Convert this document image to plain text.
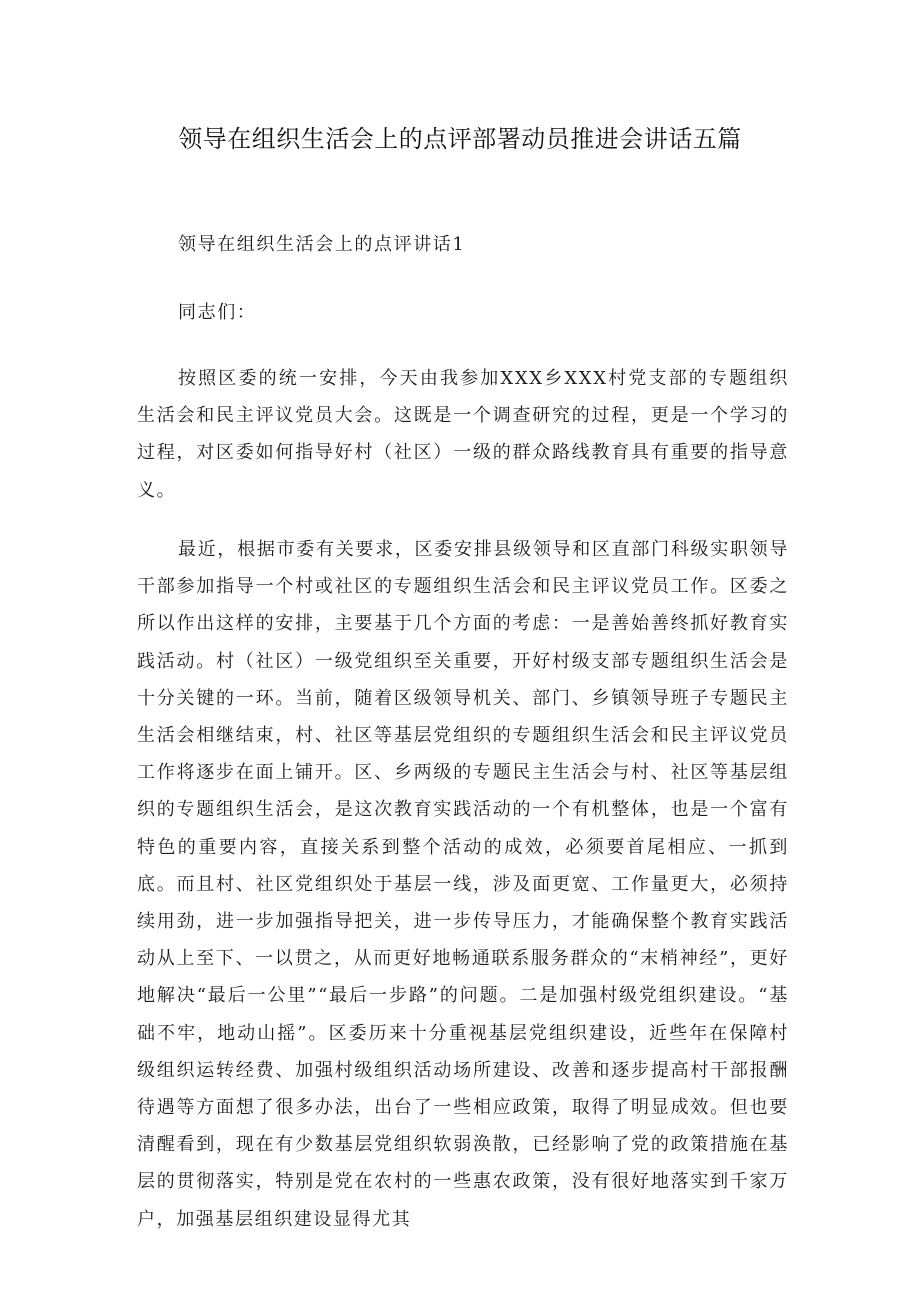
领导在组织生活会上的点评部署动员推进会讲话五篇

领导在组织生活会上的点评讲话1

同志们：

按照区委的统一安排，今天由我参加XXX乡XXX村党支部的专题组织生活会和民主评议党员大会。这既是一个调查研究的过程，更是一个学习的过程，对区委如何指导好村（社区）一级的群众路线教育具有重要的指导意义。

最近，根据市委有关要求，区委安排县级领导和区直部门科级实职领导干部参加指导一个村或社区的专题组织生活会和民主评议党员工作。区委之所以作出这样的安排，主要基于几个方面的考虑：一是善始善终抓好教育实践活动。村（社区）一级党组织至关重要，开好村级支部专题组织生活会是十分关键的一环。当前，随着区级领导机关、部门、乡镇领导班子专题民主生活会相继结束，村、社区等基层党组织的专题组织生活会和民主评议党员工作将逐步在面上铺开。区、乡两级的专题民主生活会与村、社区等基层组织的专题组织生活会，是这次教育实践活动的一个有机整体，也是一个富有特色的重要内容，直接关系到整个活动的成效，必须要首尾相应、一抓到底。而且村、社区党组织处于基层一线，涉及面更宽、工作量更大，必须持续用劲，进一步加强指导把关，进一步传导压力，才能确保整个教育实践活动从上至下、一以贯之，从而更好地畅通联系服务群众的“末梢神经”，更好地解决“最后一公里”“最后一步路”的问题。二是加强村级党组织建设。“基础不牢，地动山摇”。区委历来十分重视基层党组织建设，近些年在保障村级组织运转经费、加强村级组织活动场所建设、改善和逐步提高村干部报酬待遇等方面想了很多办法，出台了一些相应政策，取得了明显成效。但也要清醒看到，现在有少数基层党组织软弱涣散，已经影响了党的政策措施在基层的贯彻落实，特别是党在农村的一些惠农政策，没有很好地落实到千家万户，加强基层组织建设显得尤其
